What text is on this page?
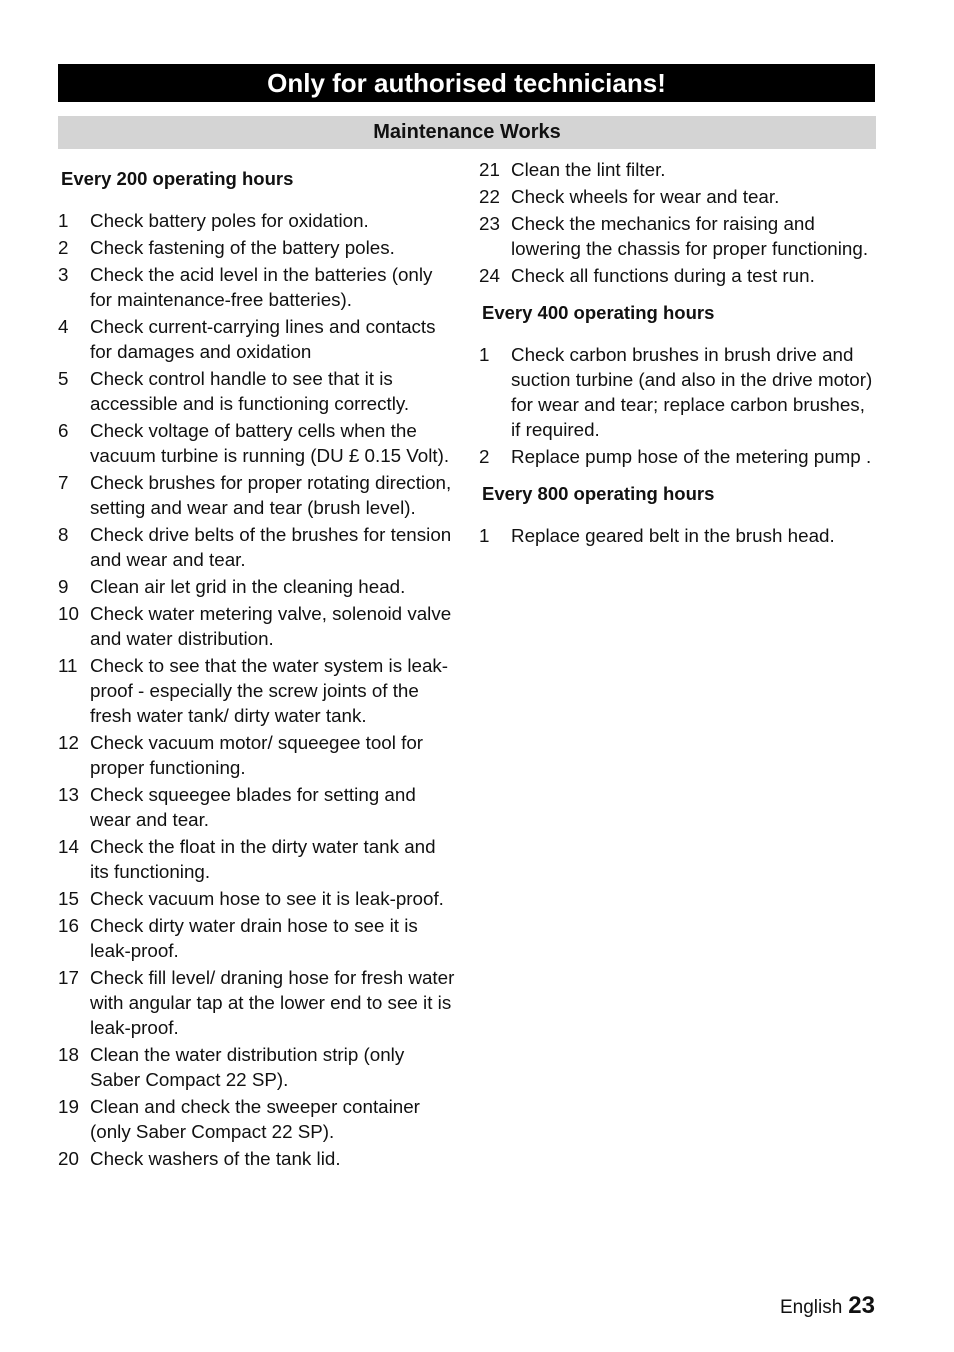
Only for authorised technicians!
Maintenance Works
Every 200 operating hours
1	Check battery poles for oxidation.
2	Check fastening of the battery poles.
3	Check the acid level in the batteries (only for maintenance-free batteries).
4	Check current-carrying lines and contacts for damages and oxidation
5	Check control handle to see that it is accessible and is functioning correctly.
6	Check voltage of battery cells when the vacuum turbine is running (DU £ 0.15 Volt).
7	Check brushes for proper rotating direction, setting and wear and tear (brush level).
8	Check drive belts of the brushes for tension and wear and tear.
9	Clean air let grid in the cleaning head.
10 Check water metering valve, solenoid valve and water distribution.
11 Check to see that the water system is leak-proof - especially the screw joints of the fresh water tank/ dirty water tank.
12 Check vacuum motor/ squeegee tool for proper functioning.
13 Check squeegee blades for setting and wear and tear.
14 Check the float in the dirty water tank and its functioning.
15 Check vacuum hose to see it is leak-proof.
16 Check dirty water drain hose to see it is leak-proof.
17 Check fill level/ draning hose for fresh water with angular tap at the lower end to see it is leak-proof.
18 Clean the water distribution strip (only Saber Compact 22 SP).
19 Clean and check the sweeper container (only Saber Compact 22 SP).
20 Check washers of the tank lid.
21 Clean the lint filter.
22 Check wheels for wear and tear.
23 Check the mechanics for raising and lowering the chassis for proper functioning.
24 Check all functions during a test run.
Every 400 operating hours
1	Check carbon brushes in brush drive and suction turbine (and also in the drive motor) for wear and tear; replace carbon brushes, if required.
2	Replace pump hose of the metering pump .
Every 800 operating hours
1	Replace geared belt in the brush head.
English 23
